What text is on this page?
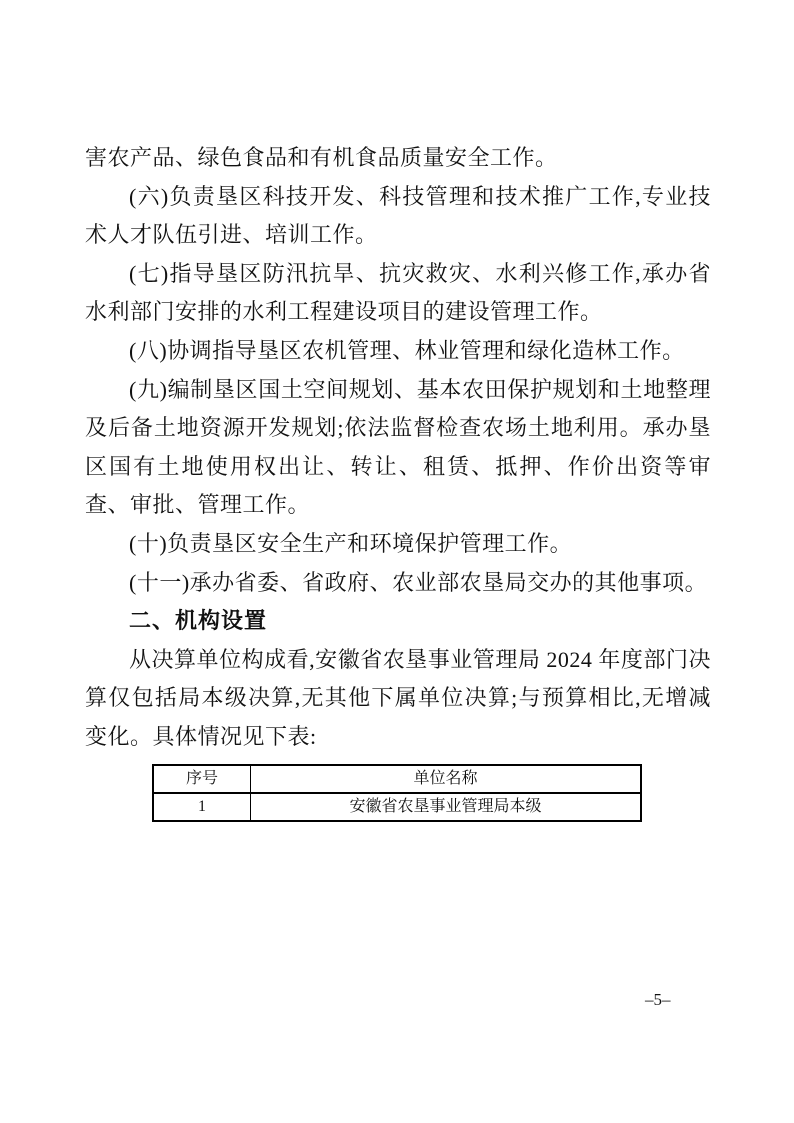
害农产品、绿色食品和有机食品质量安全工作。

(六)负责垦区科技开发、科技管理和技术推广工作,专业技术人才队伍引进、培训工作。

(七)指导垦区防汛抗旱、抗灾救灾、水利兴修工作,承办省水利部门安排的水利工程建设项目的建设管理工作。

(八)协调指导垦区农机管理、林业管理和绿化造林工作。

(九)编制垦区国土空间规划、基本农田保护规划和土地整理及后备土地资源开发规划;依法监督检查农场土地利用。承办垦区国有土地使用权出让、转让、租赁、抵押、作价出资等审查、审批、管理工作。

(十)负责垦区安全生产和环境保护管理工作。

(十一)承办省委、省政府、农业部农垦局交办的其他事项。

二、机构设置

从决算单位构成看,安徽省农垦事业管理局 2024 年度部门决算仅包括局本级决算,无其他下属单位决算;与预算相比,无增减变化。具体情况见下表:

序号	单位名称
1	安徽省农垦事业管理局本级
–5–
